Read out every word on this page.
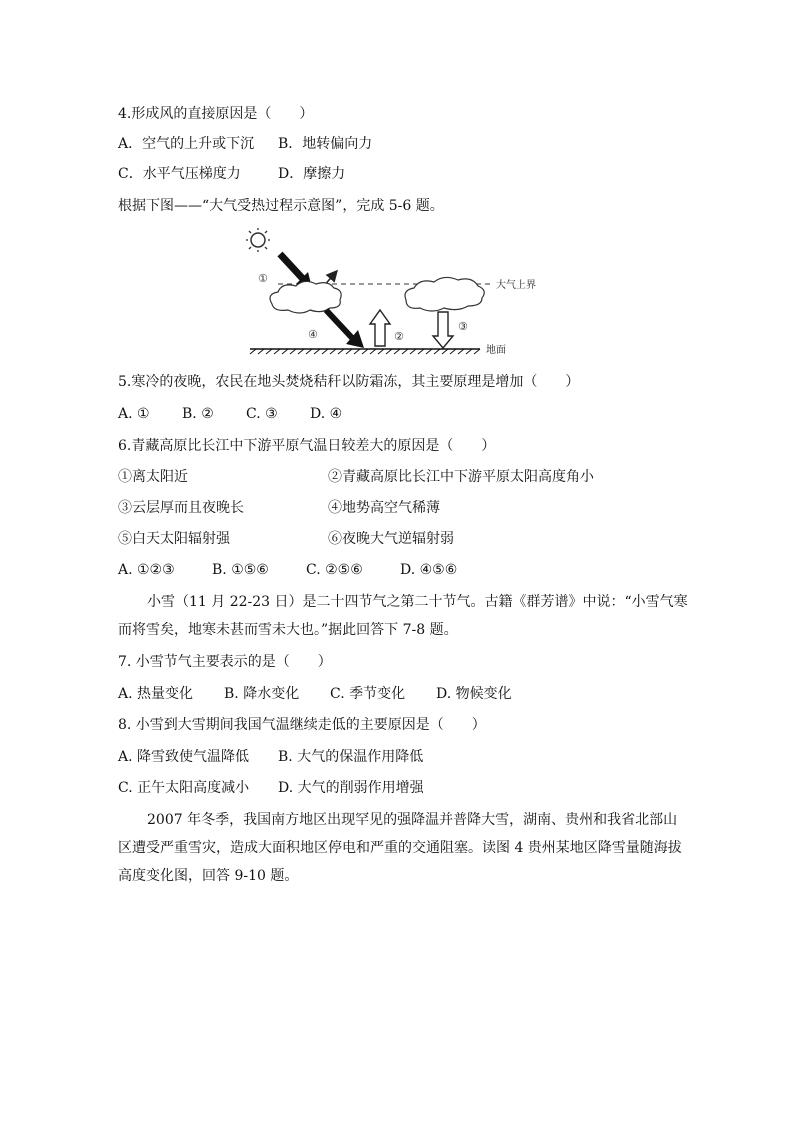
4.形成风的直接原因是（　　）
A．空气的上升或下沉 B．地转偏向力
C．水平气压梯度力	D．摩擦力
根据下图——“大气受热过程示意图”，完成 5-6 题。
大气上界
①
④	②
③
地面
5.寒冷的夜晚，农民在地头焚烧秸秆以防霜冻，其主要原理是增加（　　）
A. ① B. ② C. ③ D. ④
6.青藏高原比长江中下游平原气温日较差大的原因是（　　）
①离太阳近	②青藏高原比长江中下游平原太阳高度角小
③云层厚而且夜晚长	④地势高空气稀薄
⑤白天太阳辐射强	⑥夜晚大气逆辐射弱
A. ①②③	B. ①⑤⑥	C. ②⑤⑥	D. ④⑤⑥
小雪（11 月 22-23 日）是二十四节气之第二十节气。古籍《群芳谱》中说：“小雪气寒而将雪矣，地寒未甚而雪未大也。”据此回答下 7-8 题。
7. 小雪节气主要表示的是（　　）
A. 热量变化 B. 降水变化 C. 季节变化 D. 物候变化
8. 小雪到大雪期间我国气温继续走低的主要原因是（　　）
A. 降雪致使气温降低 B. 大气的保温作用降低
C. 正午太阳高度减小 D. 大气的削弱作用增强
2007 年冬季，我国南方地区出现罕见的强降温并普降大雪，湖南、贵州和我省北部山区遭受严重雪灾，造成大面积地区停电和严重的交通阻塞。读图 4 贵州某地区降雪量随海拔高度变化图，回答 9-10 题。
